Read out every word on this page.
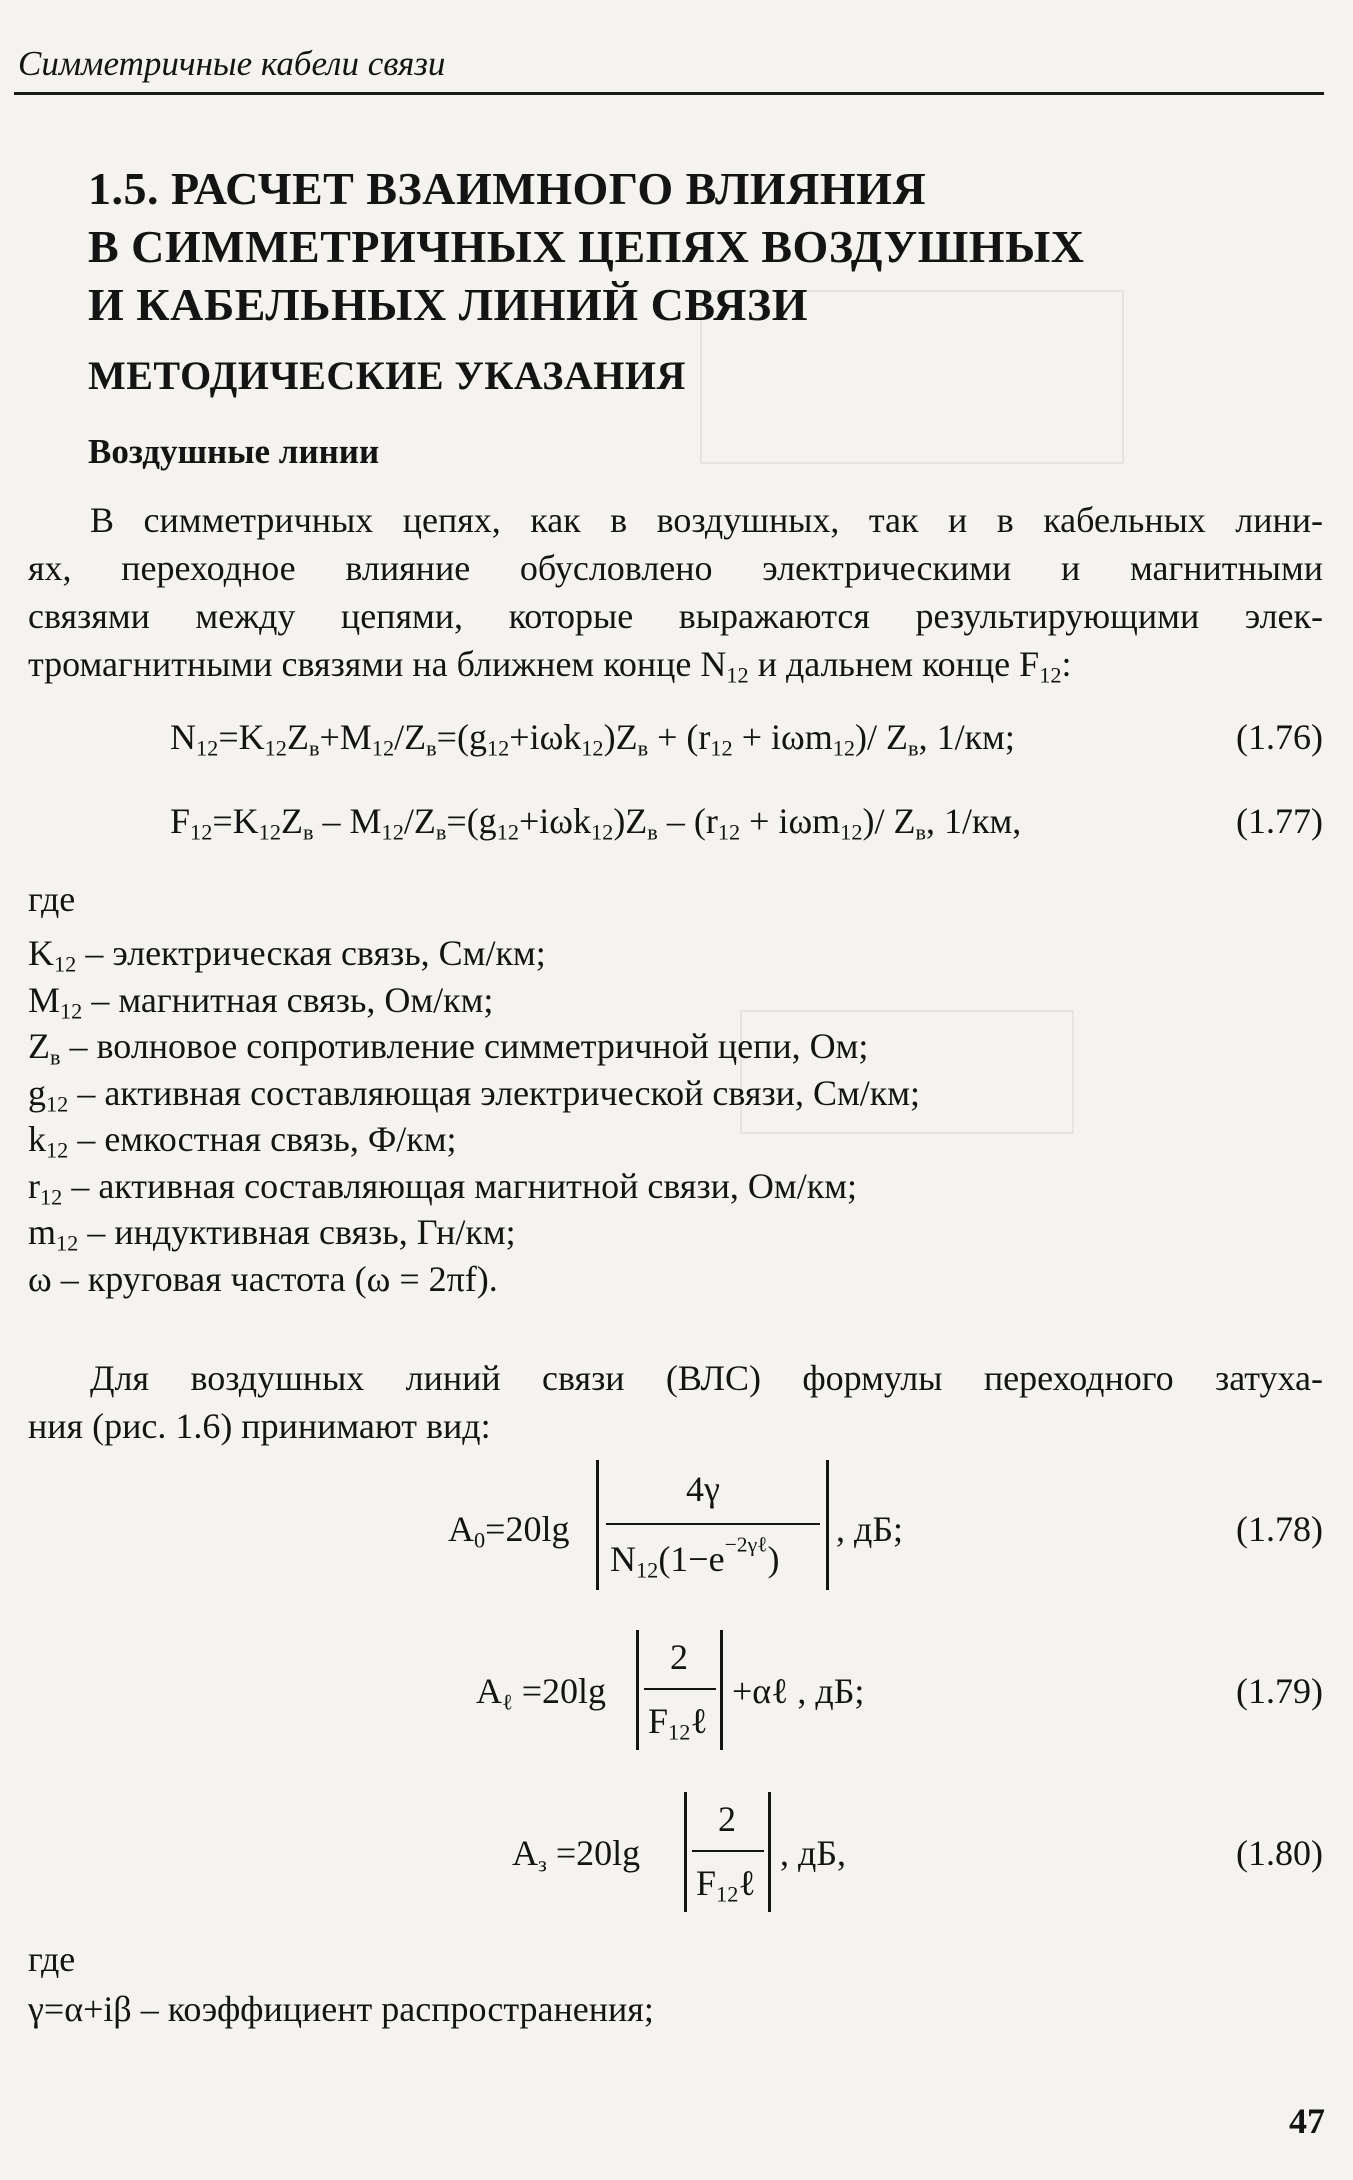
Симметричные кабели связи
1.5. РАСЧЕТ ВЗАИМНОГО ВЛИЯНИЯ
В СИММЕТРИЧНЫХ ЦЕПЯХ ВОЗДУШНЫХ
И КАБЕЛЬНЫХ ЛИНИЙ СВЯЗИ
МЕТОДИЧЕСКИЕ УКАЗАНИЯ
Воздушные линии
В симметричных цепях, как в воздушных, так и в кабельных лини-
ях, переходное влияние обусловлено электрическими и магнитными
связями между цепями, которые выражаются результирующими элек-
тромагнитными связями на ближнем конце $N_{12}$ и дальнем конце $F_{12}$:
$N_{12}=K_{12}Z_в+M_{12}/Z_в=(g_{12}+i\omega k_{12})Z_в + (r_{12} + i\omega m_{12})/$ $Z_в$, 1/км;	(1.76)
$F_{12}=K_{12}Z_в - M_{12}/Z_в=(g_{12}+i\omega k_{12})Z_в - (r_{12} + i\omega m_{12})/$ $Z_в$, 1/км,	(1.77)
где
$K_{12}$ – электрическая связь, См/км;
$M_{12}$ – магнитная связь, Ом/км;
$Z_в$ – волновое сопротивление симметричной цепи, Ом;
$g_{12}$ – активная составляющая электрической связи, См/км;
$k_{12}$ – емкостная связь, Ф/км;
$r_{12}$ – активная составляющая магнитной связи, Ом/км;
$m_{12}$ – индуктивная связь, Гн/км;
ω – круговая частота (ω = 2πf).
Для воздушных линий связи (ВЛС) формулы переходного затуха-
ния (рис. 1.6) принимают вид:
$A_0=20\lg$
4γ
$N_{12}(1-e^{-2\gamma\ell})$
, дБ;	(1.78)
$A_\ell =20\lg$
2
$F_{12}\ell$
+αℓ , дБ;	(1.79)
$A_з =20\lg$
2
$F_{12}\ell$
, дБ,	(1.80)
где
γ=α+iβ – коэффициент распространения;
47
